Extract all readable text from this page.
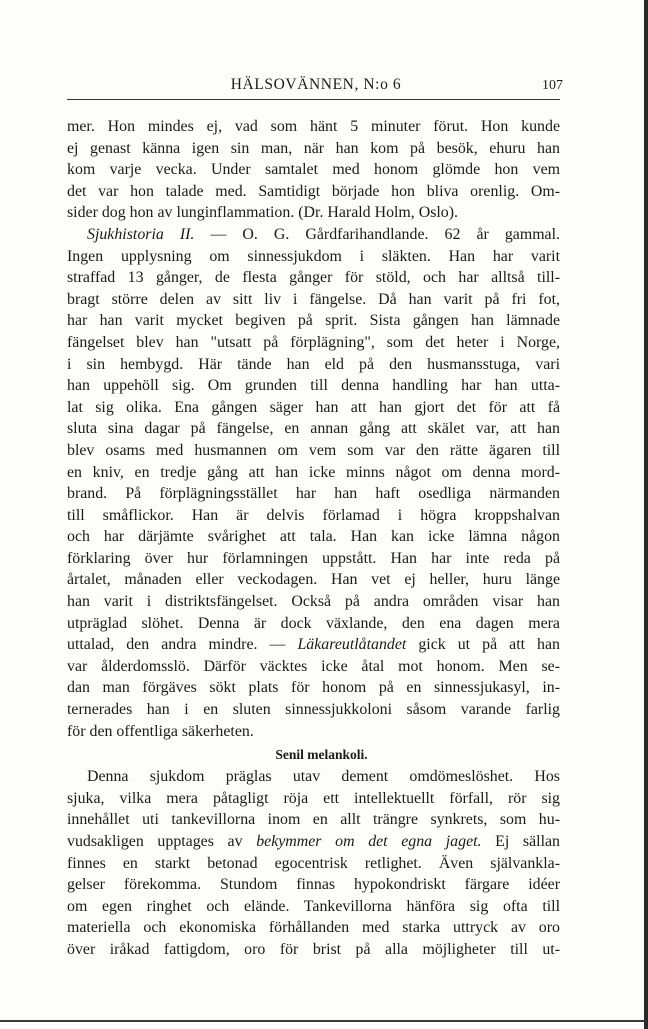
HÄLSOVÄNNEN, N:o 6	107
mer. Hon mindes ej, vad som hänt 5 minuter förut. Hon kunde
ej genast känna igen sin man, när han kom på besök, ehuru han
kom varje vecka. Under samtalet med honom glömde hon vem
det var hon talade med. Samtidigt började hon bliva orenlig. Om-
sider dog hon av lunginflammation. (Dr. Harald Holm, Oslo).
Sjukhistoria II. — O. G. Gårdfarihandlande. 62 år gammal.
Ingen upplysning om sinnessjukdom i släkten. Han har varit
straffad 13 gånger, de flesta gånger för stöld, och har alltså till-
bragt större delen av sitt liv i fängelse. Då han varit på fri fot,
har han varit mycket begiven på sprit. Sista gången han lämnade
fängelset blev han "utsatt på förplägning", som det heter i Norge,
i sin hembygd. Här tände han eld på den husmansstuga, vari
han uppehöll sig. Om grunden till denna handling har han utta-
lat sig olika. Ena gången säger han att han gjort det för att få
sluta sina dagar på fängelse, en annan gång att skälet var, att han
blev osams med husmannen om vem som var den rätte ägaren till
en kniv, en tredje gång att han icke minns något om denna mord-
brand. På förplägningsstället har han haft osedliga närmanden
till småflickor. Han är delvis förlamad i högra kroppshalvan
och har därjämte svårighet att tala. Han kan icke lämna någon
förklaring över hur förlamningen uppstått. Han har inte reda på
årtalet, månaden eller veckodagen. Han vet ej heller, huru länge
han varit i distriktsfängelset. Också på andra områden visar han
utpräglad slöhet. Denna är dock växlande, den ena dagen mera
uttalad, den andra mindre. — Läkareutlåtandet gick ut på att han
var ålderdomsslö. Därför väcktes icke åtal mot honom. Men se-
dan man förgäves sökt plats för honom på en sinnessjukasyl, in-
ternerades han i en sluten sinnessjukkoloni såsom varande farlig
för den offentliga säkerheten.
Senil melankoli.
Denna sjukdom präglas utav dement omdömeslöshet. Hos
sjuka, vilka mera påtagligt röja ett intellektuellt förfall, rör sig
innehållet uti tankevillorna inom en allt trängre synkrets, som hu-
vudsakligen upptages av bekymmer om det egna jaget. Ej sällan
finnes en starkt betonad egocentrisk retlighet. Även självankla-
gelser förekomma. Stundom finnas hypokondriskt färgare idéer
om egen ringhet och elände. Tankevillorna hänföra sig ofta till
materiella och ekonomiska förhållanden med starka uttryck av oro
över iråkad fattigdom, oro för brist på alla möjligheter till ut-
